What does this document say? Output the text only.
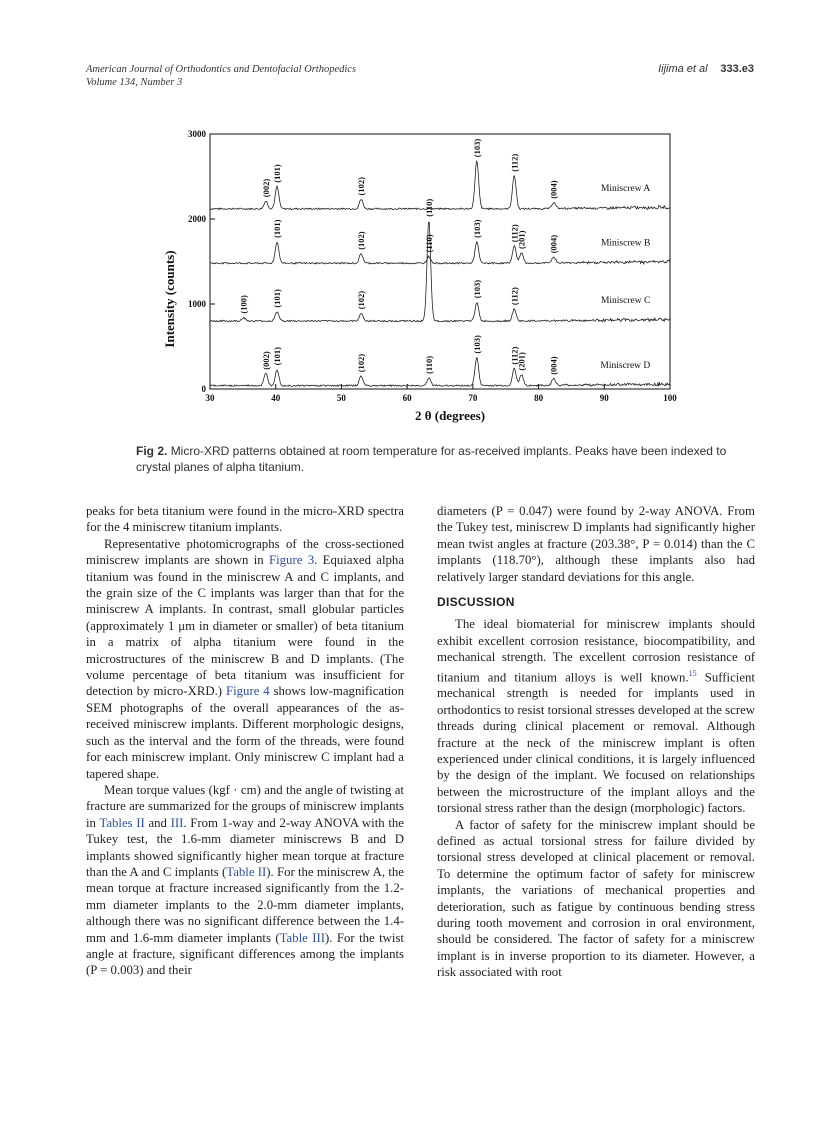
American Journal of Orthodontics and Dentofacial Orthopedics
Volume 134, Number 3
Iijima et al 333.e3
Miniscrew A
(002)
(101)
(102)
(103)
(112)
(004)
Miniscrew B
(101)
(102)	(110)
(103)	(112)
(201)	(004)
Miniscrew C
(100)	(101)	(102)
(110)
(103)	(112)
Miniscrew D
(002) (101)	(102)	(110)
(103)
(112)
(201)	(004)
30	40	50	60	70	80	90	100
0
1000
2000
3000
Intensity (counts)
2 θ (degrees)
Fig 2. Micro-XRD patterns obtained at room temperature for as-received implants. Peaks have been indexed to crystal planes of alpha titanium.

peaks for beta titanium were found in the micro-XRD spectra for the 4 miniscrew titanium implants.

Representative photomicrographs of the cross-sectioned miniscrew implants are shown in Figure 3. Equiaxed alpha titanium was found in the miniscrew A and C implants, and the grain size of the C implants was larger than that for the miniscrew A implants. In contrast, small globular particles (approximately 1 μm in diameter or smaller) of beta titanium in a matrix of alpha titanium were found in the microstructures of the miniscrew B and D implants. (The volume percentage of beta titanium was insufficient for detection by micro-XRD.) Figure 4 shows low-magnification SEM photographs of the overall appearances of the as-received miniscrew implants. Different morphologic designs, such as the interval and the form of the threads, were found for each miniscrew implant. Only miniscrew C implant had a tapered shape.

Mean torque values (kgf · cm) and the angle of twisting at fracture are summarized for the groups of miniscrew implants in Tables II and III. From 1-way and 2-way ANOVA with the Tukey test, the 1.6-mm diameter miniscrews B and D implants showed significantly higher mean torque at fracture than the A and C implants (Table II). For the miniscrew A, the mean torque at fracture increased significantly from the 1.2-mm diameter implants to the 2.0-mm diameter implants, although there was no significant difference between the 1.4-mm and 1.6-mm diameter implants (Table III). For the twist angle at fracture, significant differences among the implants (P = 0.003) and their

diameters (P = 0.047) were found by 2-way ANOVA. From the Tukey test, miniscrew D implants had significantly higher mean twist angles at fracture (203.38°, P = 0.014) than the C implants (118.70°), although these implants also had relatively larger standard deviations for this angle.

DISCUSSION

The ideal biomaterial for miniscrew implants should exhibit excellent corrosion resistance, biocompatibility, and mechanical strength. The excellent corrosion resistance of titanium and titanium alloys is well known.$^{15}$ Sufficient mechanical strength is needed for implants used in orthodontics to resist torsional stresses developed at the screw threads during clinical placement or removal. Although fracture at the neck of the miniscrew implant is often experienced under clinical conditions, it is largely influenced by the design of the implant. We focused on relationships between the microstructure of the implant alloys and the torsional stress rather than the design (morphologic) factors.

A factor of safety for the miniscrew implant should be defined as actual torsional stress for failure divided by torsional stress developed at clinical placement or removal. To determine the optimum factor of safety for miniscrew implants, the variations of mechanical properties and deterioration, such as fatigue by continuous bending stress during tooth movement and corrosion in oral environment, should be considered. The factor of safety for a miniscrew implant is in inverse proportion to its diameter. However, a risk associated with root
